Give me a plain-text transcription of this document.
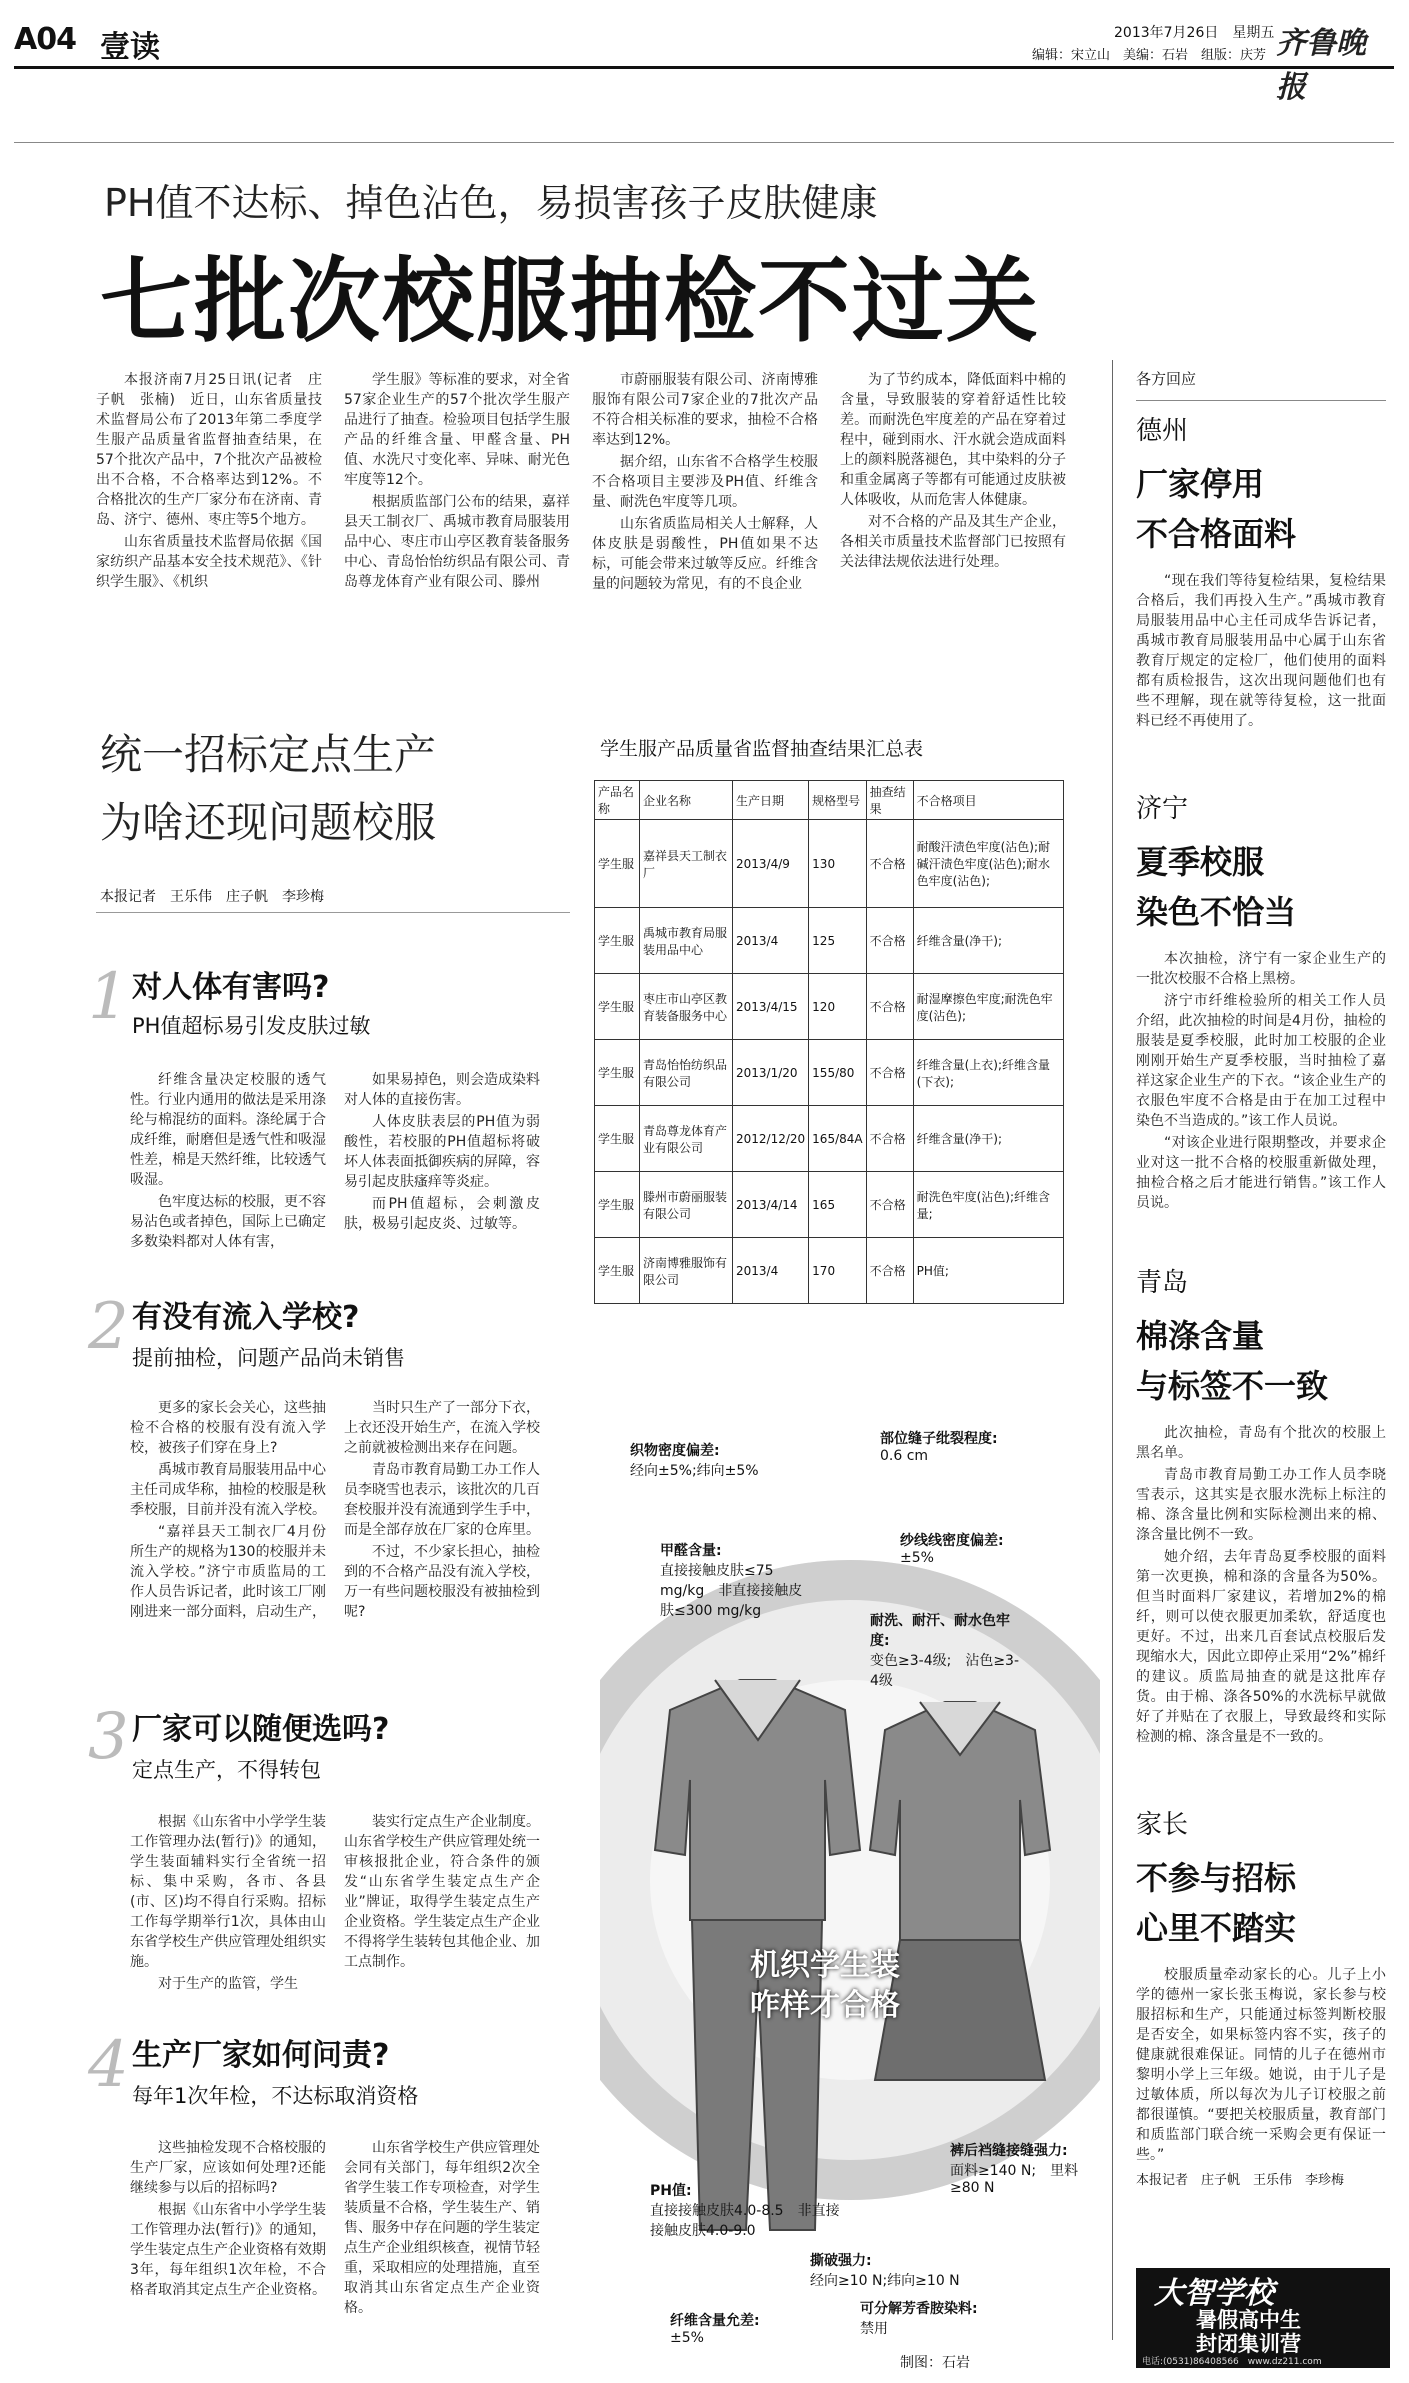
A04 壹读	2013年7月26日　星期五 齐鲁晚报
编辑：宋立山　美编：石岩　组版：庆芳
PH值不达标、掉色沾色，易损害孩子皮肤健康
七批次校服抽检不过关

本报济南7月25日讯(记者　庄子帆　张楠)　近日，山东省质量技术监督局公布了2013年第二季度学生服产品质量省监督抽查结果，在57个批次产品中，7个批次产品被检出不合格，不合格率达到12%。不合格批次的生产厂家分布在济南、青岛、济宁、德州、枣庄等5个地方。

山东省质量技术监督局依据《国家纺织产品基本安全技术规范》、《针织学生服》、《机织

学生服》等标准的要求，对全省57家企业生产的57个批次学生服产品进行了抽查。检验项目包括学生服产品的纤维含量、甲醛含量、PH值、水洗尺寸变化率、异味、耐光色牢度等12个。

根据质监部门公布的结果，嘉祥县天工制衣厂、禹城市教育局服装用品中心、枣庄市山亭区教育装备服务中心、青岛怡怡纺织品有限公司、青岛尊龙体育产业有限公司、滕州

市蔚丽服装有限公司、济南博雅服饰有限公司7家企业的7批次产品不符合相关标准的要求，抽检不合格率达到12%。

据介绍，山东省不合格学生校服不合格项目主要涉及PH值、纤维含量、耐洗色牢度等几项。

山东省质监局相关人士解释，人体皮肤是弱酸性，PH值如果不达标，可能会带来过敏等反应。纤维含量的问题较为常见，有的不良企业

为了节约成本，降低面料中棉的含量，导致服装的穿着舒适性比较差。而耐洗色牢度差的产品在穿着过程中，碰到雨水、汗水就会造成面料上的颜料脱落褪色，其中染料的分子和重金属离子等都有可能通过皮肤被人体吸收，从而危害人体健康。

对不合格的产品及其生产企业，各相关市质量技术监督部门已按照有关法律法规依法进行处理。

统一招标定点生产
为啥还现问题校服
本报记者　王乐伟　庄子帆　李珍梅
1 对人体有害吗?
PH值超标易引发皮肤过敏

纤维含量决定校服的透气性。行业内通用的做法是采用涤纶与棉混纺的面料。涤纶属于合成纤维，耐磨但是透气性和吸湿性差，棉是天然纤维，比较透气吸湿。

色牢度达标的校服，更不容易沾色或者掉色，国际上已确定多数染料都对人体有害，

如果易掉色，则会造成染料对人体的直接伤害。

人体皮肤表层的PH值为弱酸性，若校服的PH值超标将破坏人体表面抵御疾病的屏障，容易引起皮肤瘙痒等炎症。

而PH值超标，会刺激皮肤，极易引起皮炎、过敏等。

2 有没有流入学校?
提前抽检，问题产品尚未销售

更多的家长会关心，这些抽检不合格的校服有没有流入学校，被孩子们穿在身上?

禹城市教育局服装用品中心主任司成华称，抽检的校服是秋季校服，目前并没有流入学校。

“嘉祥县天工制衣厂4月份所生产的规格为130的校服并未流入学校。”济宁市质监局的工作人员告诉记者，此时该工厂刚刚进来一部分面料，启动生产，

当时只生产了一部分下衣，上衣还没开始生产，在流入学校之前就被检测出来存在问题。

青岛市教育局勤工办工作人员李晓雪也表示，该批次的几百套校服并没有流通到学生手中，而是全部存放在厂家的仓库里。

不过，不少家长担心，抽检到的不合格产品没有流入学校，万一有些问题校服没有被抽检到呢?

3 厂家可以随便选吗?
定点生产，不得转包

根据《山东省中小学学生装工作管理办法(暂行)》的通知，学生装面辅料实行全省统一招标、集中采购，各市、各县(市、区)均不得自行采购。招标工作每学期举行1次，具体由山东省学校生产供应管理处组织实施。

对于生产的监管，学生

装实行定点生产企业制度。山东省学校生产供应管理处统一审核报批企业，符合条件的颁发“山东省学生装定点生产企业”牌证，取得学生装定点生产企业资格。学生装定点生产企业不得将学生装转包其他企业、加工点制作。

4 生产厂家如何问责?
每年1次年检，不达标取消资格

这些抽检发现不合格校服的生产厂家，应该如何处理?还能继续参与以后的招标吗?

根据《山东省中小学学生装工作管理办法(暂行)》的通知，学生装定点生产企业资格有效期3年，每年组织1次年检，不合格者取消其定点生产企业资格。

山东省学校生产供应管理处会同有关部门，每年组织2次全省学生装工作专项检查，对学生装质量不合格，学生装生产、销售、服务中存在问题的学生装定点生产企业组织核查，视情节轻重，采取相应的处理措施，直至取消其山东省定点生产企业资格。

学生服产品质量省监督抽查结果汇总表
产品名称	企业名称	生产日期	规格型号	抽查结果	不合格项目
学生服	嘉祥县天工制衣厂	2013/4/9	130	不合格	耐酸汗渍色牢度(沾色);耐碱汗渍色牢度(沾色);耐水色牢度(沾色);
学生服	禹城市教育局服装用品中心	2013/4	125	不合格	纤维含量(净干);
学生服	枣庄市山亭区教育装备服务中心	2013/4/15	120	不合格	耐湿摩擦色牢度;耐洗色牢度(沾色);
学生服	青岛怡怡纺织品有限公司	2013/1/20	155/80	不合格	纤维含量(上衣);纤维含量(下衣);
学生服	青岛尊龙体育产业有限公司	2012/12/20	165/84A	不合格	纤维含量(净干);
学生服	滕州市蔚丽服装有限公司	2013/4/14	165	不合格	耐洗色牢度(沾色);纤维含量;
学生服	济南博雅服饰有限公司	2013/4	170	不合格	PH值;
机织学生装
咋样才合格
织物密度偏差:
经向±5%;纬向±5%
部位缝子纰裂程度:
0.6 cm
甲醛含量:
直接接触皮肤≤75 mg/kg　非直接接触皮肤≤300 mg/kg
纱线线密度偏差:
±5%
耐洗、耐汗、耐水色牢度:
变色≥3-4级;　沾色≥3-4级
裤后裆缝接缝强力:
面料≥140 N;　里料≥80 N
PH值:
直接接触皮肤4.0-8.5　非直接接触皮肤4.0-9.0
撕破强力:
经向≥10 N;纬向≥10 N
纤维含量允差:
±5%
可分解芳香胺染料:
禁用
制图：石岩
各方回应
德州
厂家停用
不合格面料

“现在我们等待复检结果，复检结果合格后，我们再投入生产。”禹城市教育局服装用品中心主任司成华告诉记者，禹城市教育局服装用品中心属于山东省教育厅规定的定检厂，他们使用的面料都有质检报告，这次出现问题他们也有些不理解，现在就等待复检，这一批面料已经不再使用了。

济宁
夏季校服
染色不恰当

本次抽检，济宁有一家企业生产的一批次校服不合格上黑榜。

济宁市纤维检验所的相关工作人员介绍，此次抽检的时间是4月份，抽检的服装是夏季校服，此时加工校服的企业刚刚开始生产夏季校服，当时抽检了嘉祥这家企业生产的下衣。“该企业生产的衣服色牢度不合格是由于在加工过程中染色不当造成的。”该工作人员说。

“对该企业进行限期整改，并要求企业对这一批不合格的校服重新做处理，抽检合格之后才能进行销售。”该工作人员说。

青岛
棉涤含量
与标签不一致

此次抽检，青岛有个批次的校服上黑名单。

青岛市教育局勤工办工作人员李晓雪表示，这其实是衣服水洗标上标注的棉、涤含量比例和实际检测出来的棉、涤含量比例不一致。

她介绍，去年青岛夏季校服的面料第一次更换，棉和涤的含量各为50%。但当时面料厂家建议，若增加2%的棉纤，则可以使衣服更加柔软，舒适度也更好。不过，出来几百套试点校服后发现缩水大，因此立即停止采用“2%”棉纤的建议。质监局抽查的就是这批库存货。由于棉、涤各50%的水洗标早就做好了并贴在了衣服上，导致最终和实际检测的棉、涤含量是不一致的。

家长
不参与招标
心里不踏实

校服质量牵动家长的心。儿子上小学的德州一家长张玉梅说，家长参与校服招标和生产，只能通过标签判断校服是否安全，如果标签内容不实，孩子的健康就很难保证。同情的儿子在德州市黎明小学上三年级。她说，由于儿子是过敏体质，所以每次为儿子订校服之前都很谨慎。“要把关校服质量，教育部门和质监部门联合统一采购会更有保证一些。”

本报记者　庄子帆　王乐伟　李珍梅
大智学校
暑假高中生
封闭集训营
电话:(0531)86408566　www.dz211.com
